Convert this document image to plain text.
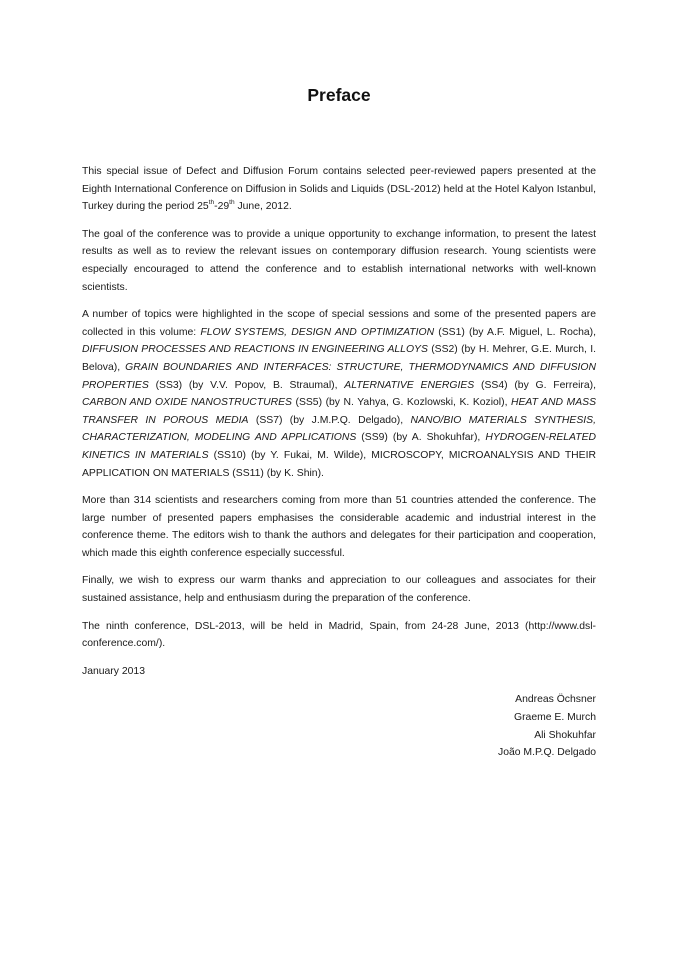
Preface

This special issue of Defect and Diffusion Forum contains selected peer-reviewed papers presented at the Eighth International Conference on Diffusion in Solids and Liquids (DSL-2012) held at the Hotel Kalyon Istanbul, Turkey during the period 25th-29th June, 2012.

The goal of the conference was to provide a unique opportunity to exchange information, to present the latest results as well as to review the relevant issues on contemporary diffusion research. Young scientists were especially encouraged to attend the conference and to establish international networks with well-known scientists.

A number of topics were highlighted in the scope of special sessions and some of the presented papers are collected in this volume: FLOW SYSTEMS, DESIGN AND OPTIMIZATION (SS1) (by A.F. Miguel, L. Rocha), DIFFUSION PROCESSES AND REACTIONS IN ENGINEERING ALLOYS (SS2) (by H. Mehrer, G.E. Murch, I. Belova), GRAIN BOUNDARIES AND INTERFACES: STRUCTURE, THERMODYNAMICS AND DIFFUSION PROPERTIES (SS3) (by V.V. Popov, B. Straumal), ALTERNATIVE ENERGIES (SS4) (by G. Ferreira), CARBON AND OXIDE NANOSTRUCTURES (SS5) (by N. Yahya, G. Kozlowski, K. Koziol), HEAT AND MASS TRANSFER IN POROUS MEDIA (SS7) (by J.M.P.Q. Delgado), NANO/BIO MATERIALS SYNTHESIS, CHARACTERIZATION, MODELING AND APPLICATIONS (SS9) (by A. Shokuhfar), HYDROGEN-RELATED KINETICS IN MATERIALS (SS10) (by Y. Fukai, M. Wilde), MICROSCOPY, MICROANALYSIS AND THEIR APPLICATION ON MATERIALS (SS11) (by K. Shin).

More than 314 scientists and researchers coming from more than 51 countries attended the conference. The large number of presented papers emphasises the considerable academic and industrial interest in the conference theme. The editors wish to thank the authors and delegates for their participation and cooperation, which made this eighth conference especially successful.

Finally, we wish to express our warm thanks and appreciation to our colleagues and associates for their sustained assistance, help and enthusiasm during the preparation of the conference.

The ninth conference, DSL-2013, will be held in Madrid, Spain, from 24-28 June, 2013 (http://www.dsl-conference.com/).

January 2013

Andreas Öchsner
Graeme E. Murch
Ali Shokuhfar
João M.P.Q. Delgado
